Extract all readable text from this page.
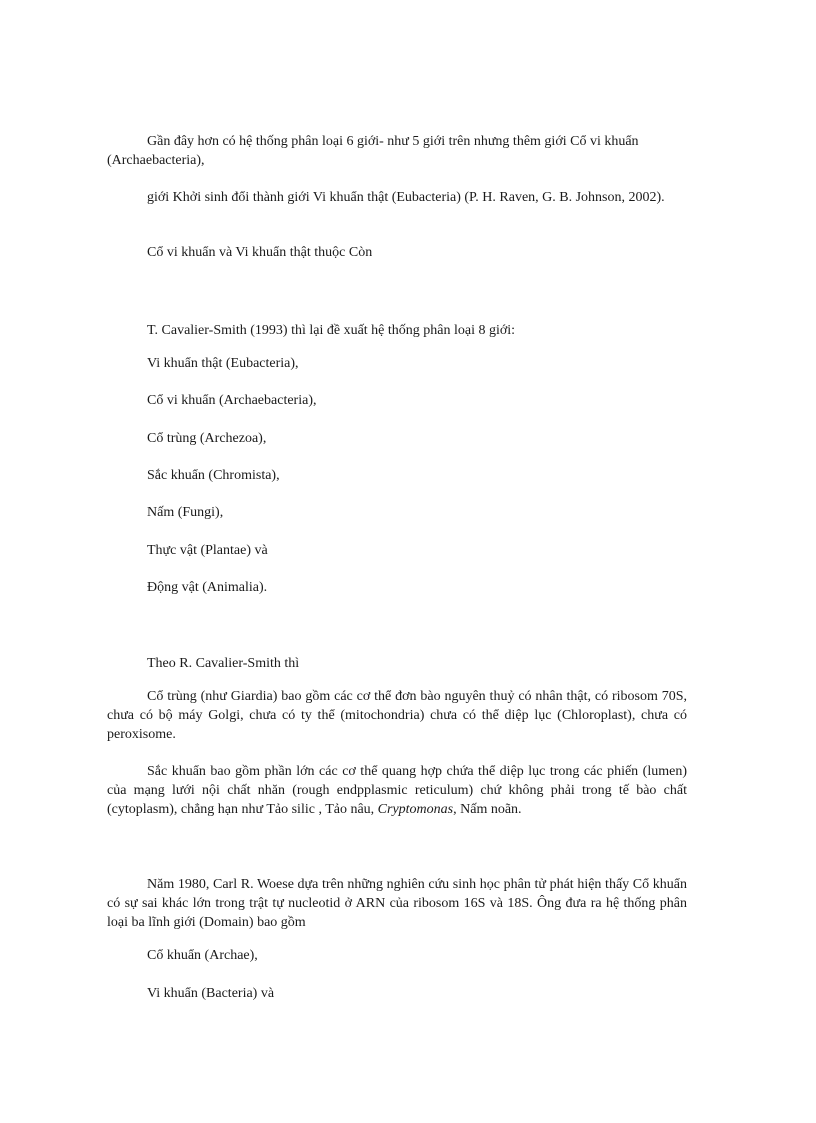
Gần đây hơn có hệ thống phân loại 6 giới- như 5 giới trên nhưng thêm giới Cổ vi khuẩn (Archaebacteria),

giới Khởi sinh đổi thành giới Vi khuẩn thật (Eubacteria) (P. H. Raven, G. B. Johnson, 2002).

Cổ vi khuẩn và Vi khuẩn thật thuộc Còn

T. Cavalier-Smith (1993) thì lại đề xuất hệ thống phân loại 8 giới:

Vi khuẩn thật (Eubacteria),

Cổ vi khuẩn (Archaebacteria),

Cổ trùng (Archezoa),

Sắc khuẩn (Chromista),

Nấm (Fungi),

Thực vật (Plantae) và

Động vật (Animalia).

Theo R. Cavalier-Smith thì

Cổ trùng (như Giardia) bao gồm các cơ thể đơn bào nguyên thuỷ có nhân thật, có ribosom 70S, chưa có bộ máy Golgi, chưa có ty thể (mitochondria) chưa có thể diệp lục (Chloroplast), chưa có peroxisome.

Sắc khuẩn bao gồm phần lớn các cơ thể quang hợp chứa thể diệp lục trong các phiến (lumen) của mạng lưới nội chất nhăn (rough endpplasmic reticulum) chứ không phải trong tế bào chất (cytoplasm), chẳng hạn như Tảo silic , Tảo nâu, Cryptomonas, Nấm noãn.

Năm 1980, Carl R. Woese dựa trên những nghiên cứu sinh học phân tử phát hiện thấy Cổ khuẩn có sự sai khác lớn trong trật tự nucleotid ở ARN của ribosom 16S và 18S. Ông đưa ra hệ thống phân loại ba lĩnh giới (Domain) bao gồm

Cổ khuẩn (Archae),

Vi khuẩn (Bacteria) và
